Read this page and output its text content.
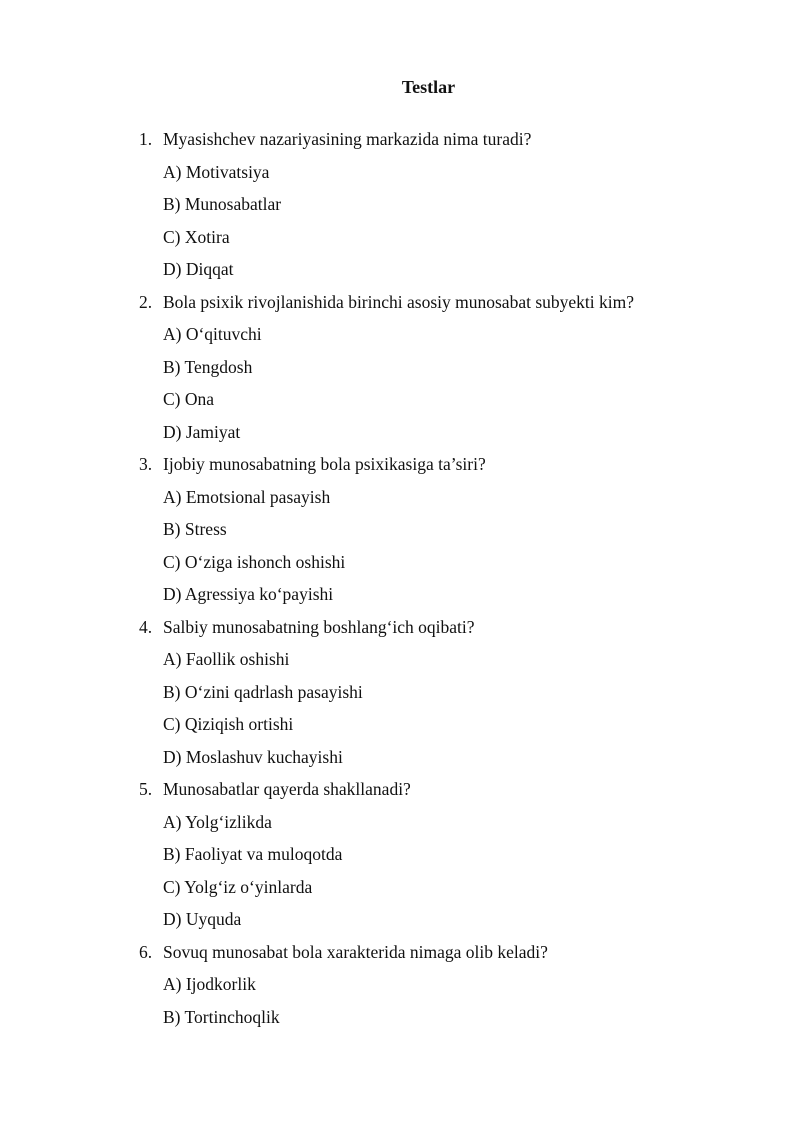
Testlar
1. Myasishchev nazariyasining markazida nima turadi?
A) Motivatsiya
B) Munosabatlar
C) Xotira
D) Diqqat
2. Bola psixik rivojlanishida birinchi asosiy munosabat subyekti kim?
A) O‘qituvchi
B) Tengdosh
C) Ona
D) Jamiyat
3. Ijobiy munosabatning bola psixikasiga ta’siri?
A) Emotsional pasayish
B) Stress
C) O‘ziga ishonch oshishi
D) Agressiya ko‘payishi
4. Salbiy munosabatning boshlang‘ich oqibati?
A) Faollik oshishi
B) O‘zini qadrlash pasayishi
C) Qiziqish ortishi
D) Moslashuv kuchayishi
5. Munosabatlar qayerda shakllanadi?
A) Yolg‘izlikda
B) Faoliyat va muloqotda
C) Yolg‘iz o‘yinlarda
D) Uyquda
6. Sovuq munosabat bola xarakterida nimaga olib keladi?
A) Ijodkorlik
B) Tortinchoqlik
